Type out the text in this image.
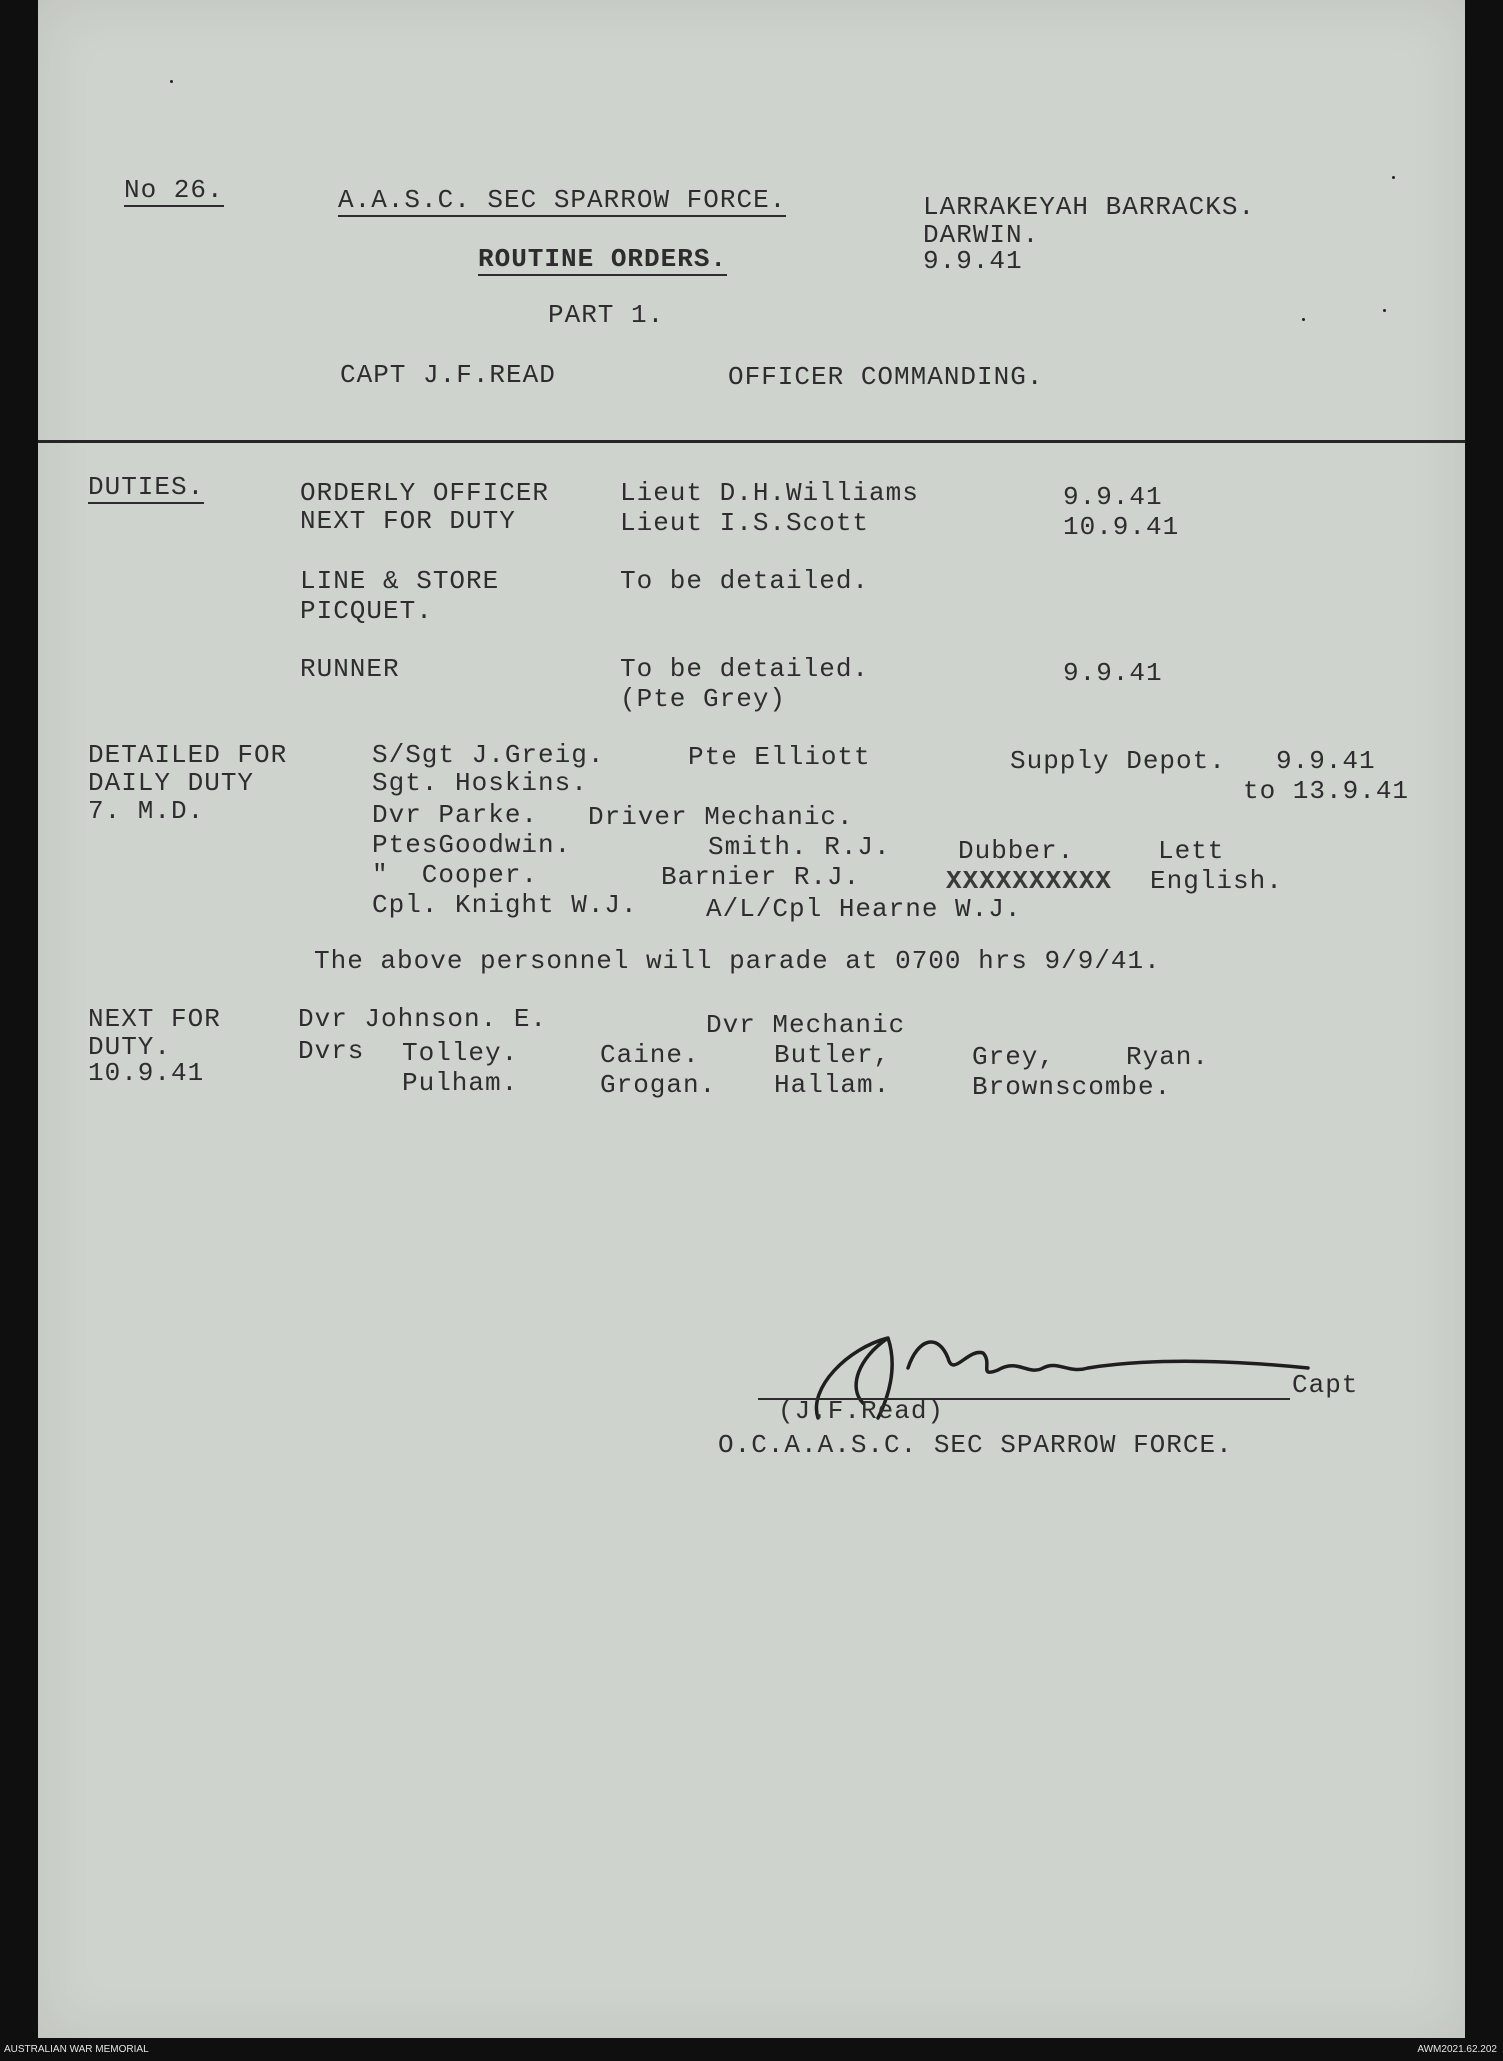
No 26.	A.A.S.C. SEC SPARROW FORCE.	LARRAKEYAH BARRACKS.
DARWIN.
9.9.41
ROUTINE ORDERS.
PART 1.
CAPT J.F.READ	OFFICER COMMANDING.
DUTIES.	ORDERLY OFFICER	Lieut D.H.Williams	9.9.41
NEXT FOR DUTY	Lieut I.S.Scott	10.9.41
LINE & STORE	To be detailed.
PICQUET.
RUNNER	To be detailed.	9.9.41
(Pte Grey)
DETAILED FOR
DAILY DUTY
7. M.D.
S/Sgt J.Greig.	Pte Elliott	Supply Depot. 9.9.41
Sgt. Hoskins.	to 13.9.41
Dvr Parke. Driver Mechanic.
PtesGoodwin.	Smith. R.J.	Dubber.	Lett
"  Cooper.	Barnier R.J.	XXXXXXXXXX English.
Cpl. Knight W.J.	A/L/Cpl Hearne W.J.
The above personnel will parade at 0700 hrs 9/9/41.
NEXT FOR
DUTY.
10.9.41
Dvr Johnson. E.	Dvr Mechanic
Dvrs Tolley.	Caine.	Butler,	Grey,	Ryan.
Pulham.	Grogan. Hallam.	Brownscombe.
Capt
(J.F.Read)
O.C.A.A.S.C. SEC SPARROW FORCE.
AUSTRALIAN WAR MEMORIAL	AWM2021.62.202
